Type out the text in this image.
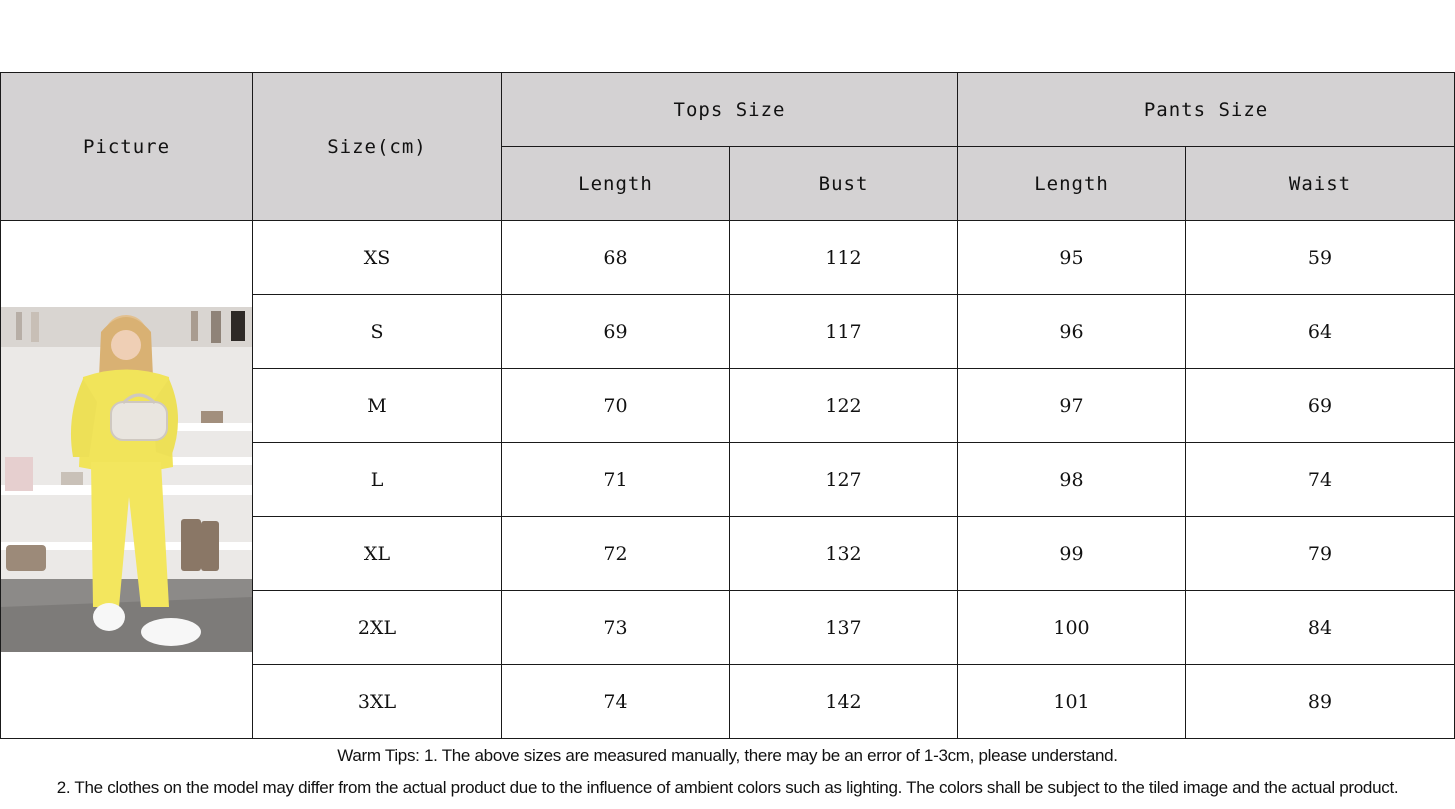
Picture	Size(cm)	Tops Size		Pants Size	
		Length	Bust	Length	Waist

	XS	68	112	95	59
	S	69	117	96	64
	M	70	122	97	69
	L	71	127	98	74
	XL	72	132	99	79
	2XL	73	137	100	84
	3XL	74	142	101	89
Warm Tips: 1. The above sizes are measured manually, there may be an error of 1-3cm, please understand.
2. The clothes on the model may differ from the actual product due to the influence of ambient colors such as lighting. The colors shall be subject to the tiled image and the actual product.
